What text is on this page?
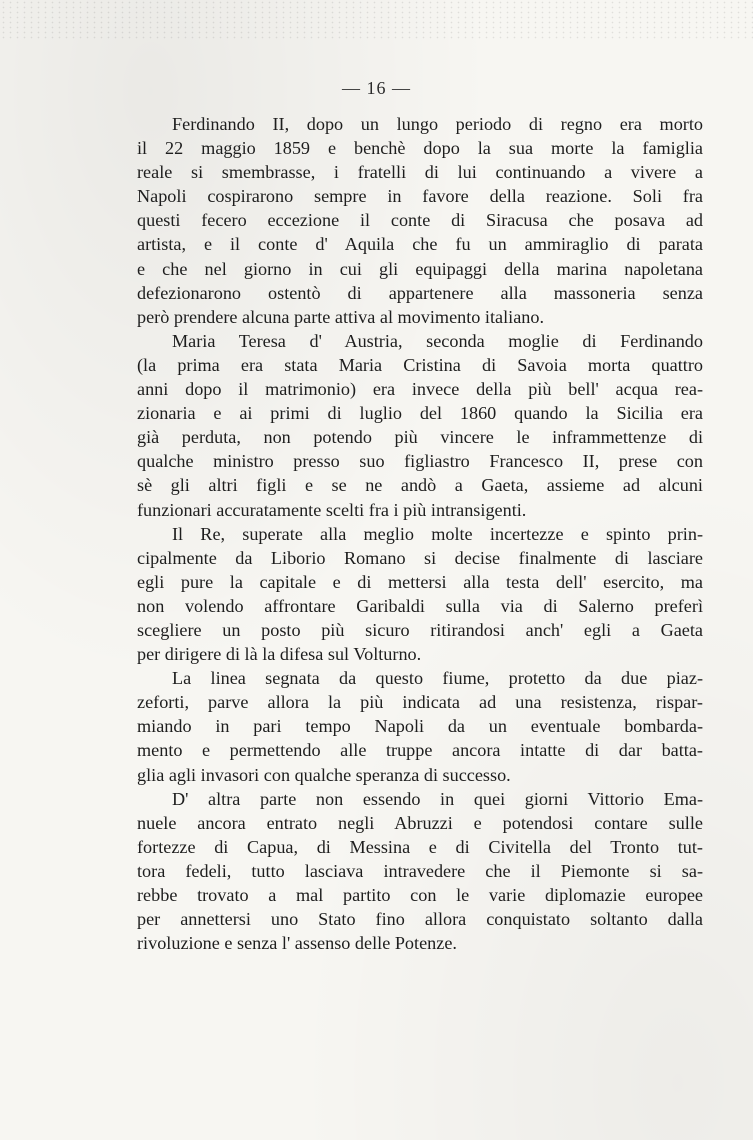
— 16 —
Ferdinando II, dopo un lungo periodo di regno era morto
il 22 maggio 1859 e benchè dopo la sua morte la famiglia
reale si smembrasse, i fratelli di lui continuando a vivere a
Napoli cospirarono sempre in favore della reazione. Soli fra
questi fecero eccezione il conte di Siracusa che posava ad
artista, e il conte d' Aquila che fu un ammiraglio di parata
e che nel giorno in cui gli equipaggi della marina napoletana
defezionarono ostentò di appartenere alla massoneria senza
però prendere alcuna parte attiva al movimento italiano.
Maria Teresa d' Austria, seconda moglie di Ferdinando
(la prima era stata Maria Cristina di Savoia morta quattro
anni dopo il matrimonio) era invece della più bell' acqua rea-
zionaria e ai primi di luglio del 1860 quando la Sicilia era
già perduta, non potendo più vincere le inframmettenze di
qualche ministro presso suo figliastro Francesco II, prese con
sè gli altri figli e se ne andò a Gaeta, assieme ad alcuni
funzionari accuratamente scelti fra i più intransigenti.
Il Re, superate alla meglio molte incertezze e spinto prin-
cipalmente da Liborio Romano si decise finalmente di lasciare
egli pure la capitale e di mettersi alla testa dell' esercito, ma
non volendo affrontare Garibaldi sulla via di Salerno preferì
scegliere un posto più sicuro ritirandosi anch' egli a Gaeta
per dirigere di là la difesa sul Volturno.
La linea segnata da questo fiume, protetto da due piaz-
zeforti, parve allora la più indicata ad una resistenza, rispar-
miando in pari tempo Napoli da un eventuale bombarda-
mento e permettendo alle truppe ancora intatte di dar batta-
glia agli invasori con qualche speranza di successo.
D' altra parte non essendo in quei giorni Vittorio Ema-
nuele ancora entrato negli Abruzzi e potendosi contare sulle
fortezze di Capua, di Messina e di Civitella del Tronto tut-
tora fedeli, tutto lasciava intravedere che il Piemonte si sa-
rebbe trovato a mal partito con le varie diplomazie europee
per annettersi uno Stato fino allora conquistato soltanto dalla
rivoluzione e senza l' assenso delle Potenze.
